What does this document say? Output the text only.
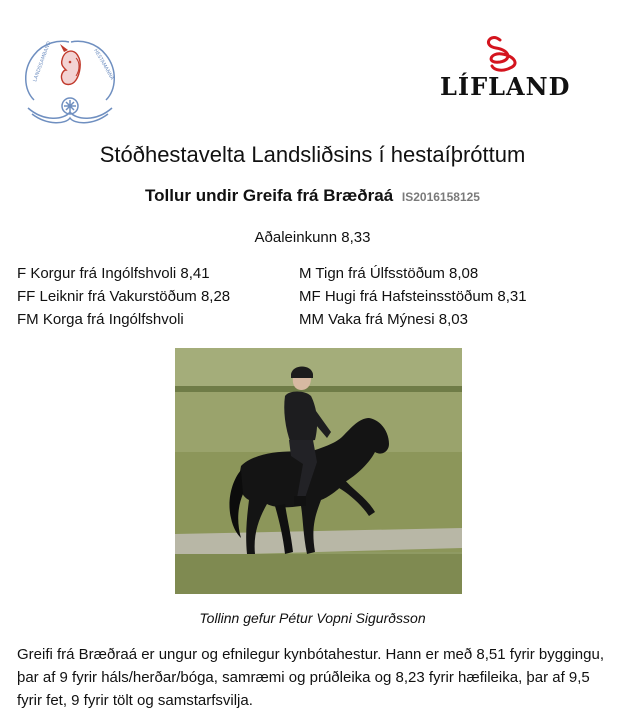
LANDSSAMBAND	HESTAMANNA
LÍFLAND
Stóðhestavelta Landsliðsins í hestaíþróttum
Tollur undir Greifa frá Bræðraá IS2016158125
Aðaleinkunn 8,33
F Korgur frá Ingólfshvoli 8,41
FF Leiknir frá Vakurstöðum 8,28
FM Korga frá Ingólfshvoli
M Tign frá Úlfsstöðum 8,08
MF Hugi frá Hafsteinsstöðum 8,31
MM Vaka frá Mýnesi 8,03
Tollinn gefur Pétur Vopni Sigurðsson
Greifi frá Bræðraá er ungur og efnilegur kynbótahestur. Hann er með 8,51 fyrir byggingu, þar af 9 fyrir háls/herðar/bóga, samræmi og prúðleika og 8,23 fyrir hæfileika, þar af 9,5 fyrir fet, 9 fyrir tölt og samstarfsvilja.
